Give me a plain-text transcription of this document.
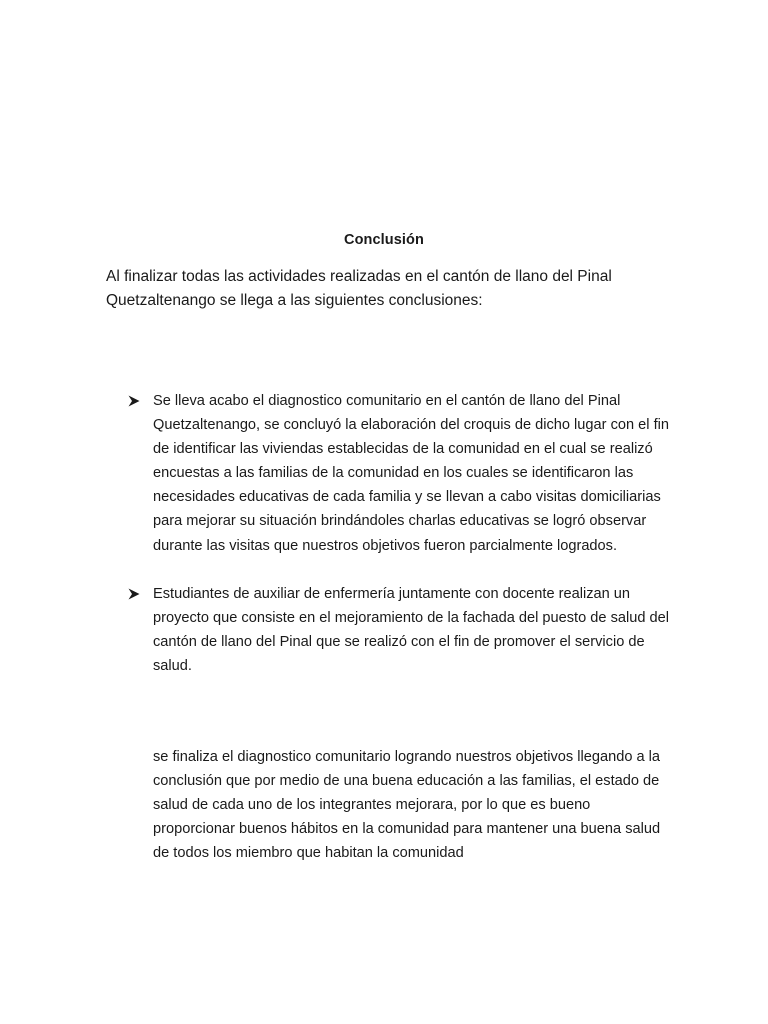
Conclusión
Al finalizar todas las actividades realizadas en el cantón de llano del Pinal Quetzaltenango se llega a las siguientes conclusiones:
Se lleva acabo el diagnostico comunitario en el cantón de llano del Pinal Quetzaltenango, se concluyó la elaboración del croquis de dicho lugar con el fin de identificar las viviendas establecidas de la comunidad en el cual se realizó encuestas a las familias de la comunidad en los cuales se identificaron las necesidades educativas de cada familia y se llevan a cabo visitas domiciliarias para mejorar su situación brindándoles charlas educativas se logró observar durante las visitas que nuestros objetivos fueron parcialmente logrados.
Estudiantes de auxiliar de enfermería juntamente con docente realizan un proyecto que consiste en el mejoramiento de la fachada del puesto de salud del cantón de llano del Pinal que se realizó con el fin de promover el servicio de salud.
se finaliza el diagnostico comunitario logrando nuestros objetivos llegando a la conclusión que por medio de una buena educación a las familias, el estado de salud de cada uno de los integrantes mejorara, por lo que es bueno proporcionar buenos hábitos en la comunidad para mantener una buena salud de todos los miembro que habitan la comunidad
